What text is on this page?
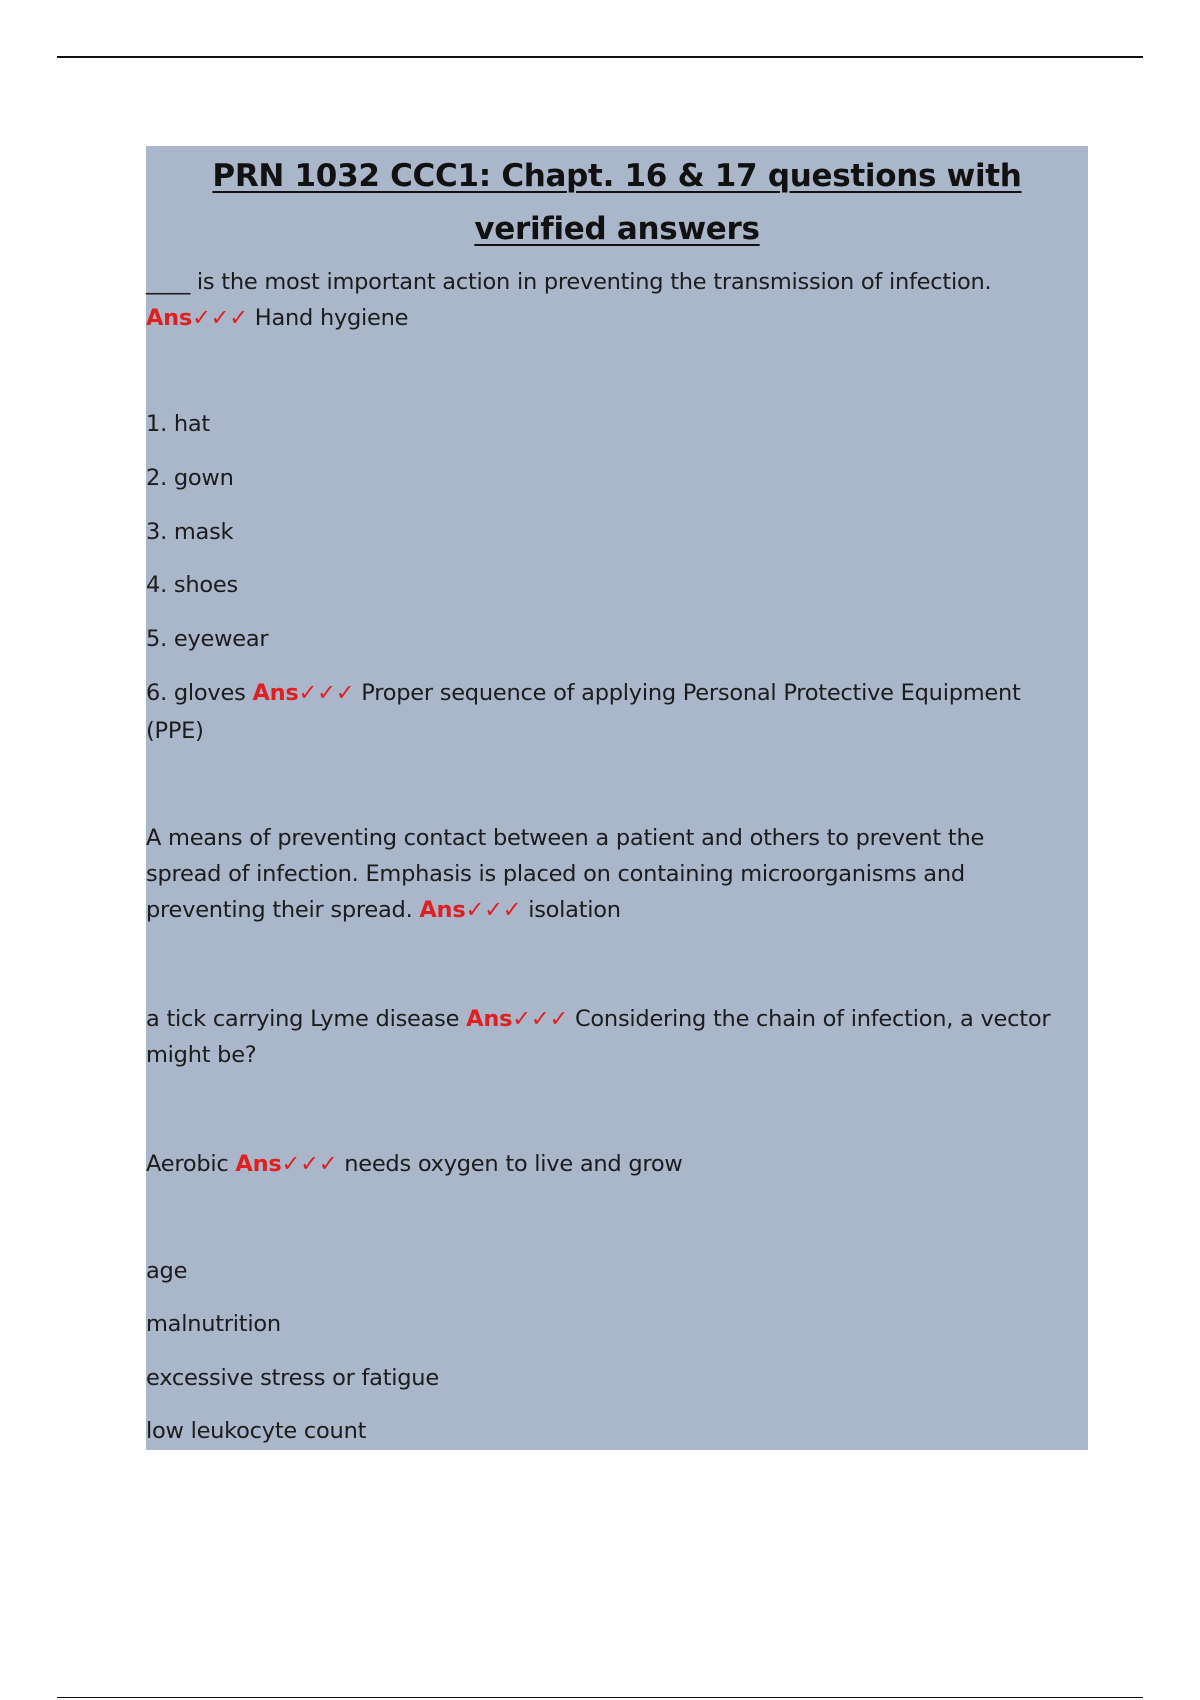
PRN 1032 CCC1: Chapt. 16 & 17 questions with verified answers
____ is the most important action in preventing the transmission of infection.
Ans✓✓✓ Hand hygiene
1. hat
2. gown
3. mask
4. shoes
5. eyewear
6. gloves Ans✓✓✓ Proper sequence of applying Personal Protective Equipment
(PPE)
A means of preventing contact between a patient and others to prevent the
spread of infection. Emphasis is placed on containing microorganisms and
preventing their spread. Ans✓✓✓ isolation
a tick carrying Lyme disease Ans✓✓✓ Considering the chain of infection, a vector
might be?
Aerobic Ans✓✓✓ needs oxygen to live and grow
age
malnutrition
excessive stress or fatigue
low leukocyte count
